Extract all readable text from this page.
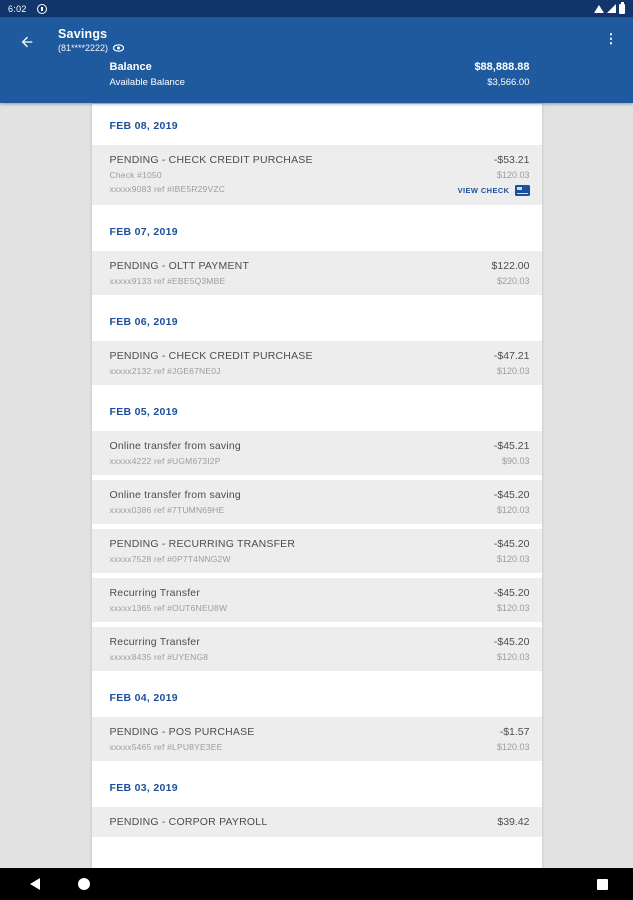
6:02
Savings
(81****2222)
⋮
Balance
Available Balance
$88,888.88
$3,566.00
FEB 08, 2019
PENDING - CHECK CREDIT PURCHASE
Check #1050
xxxxx9083 ref #IBE5R29VZC
-$53.21
$120.03
VIEW CHECK
FEB 07, 2019
PENDING - OLTT PAYMENT
xxxxx9133 ref #EBE5Q3MBE
$122.00
$220.03
FEB 06, 2019
PENDING - CHECK CREDIT PURCHASE
xxxxx2132 ref #JGE67NE0J
-$47.21
$120.03
FEB 05, 2019
Online transfer from saving
xxxxx4222 ref #UGM673I2P
-$45.21
$90.03
Online transfer from saving
xxxxx0386 ref #7TUMN69HE
-$45.20
$120.03
PENDING - RECURRING TRANSFER
xxxxx7528 ref #0P7T4NNG2W
-$45.20
$120.03
Recurring Transfer
xxxxx1365 ref #OUT6NEU8W
-$45.20
$120.03
Recurring Transfer
xxxxx8435 ref #UYENG8
-$45.20
$120.03
FEB 04, 2019
PENDING - POS PURCHASE
xxxxx5465 ref #LPU8YE3EE
-$1.57
$120.03
FEB 03, 2019
PENDING - CORPOR PAYROLL	$39.42
